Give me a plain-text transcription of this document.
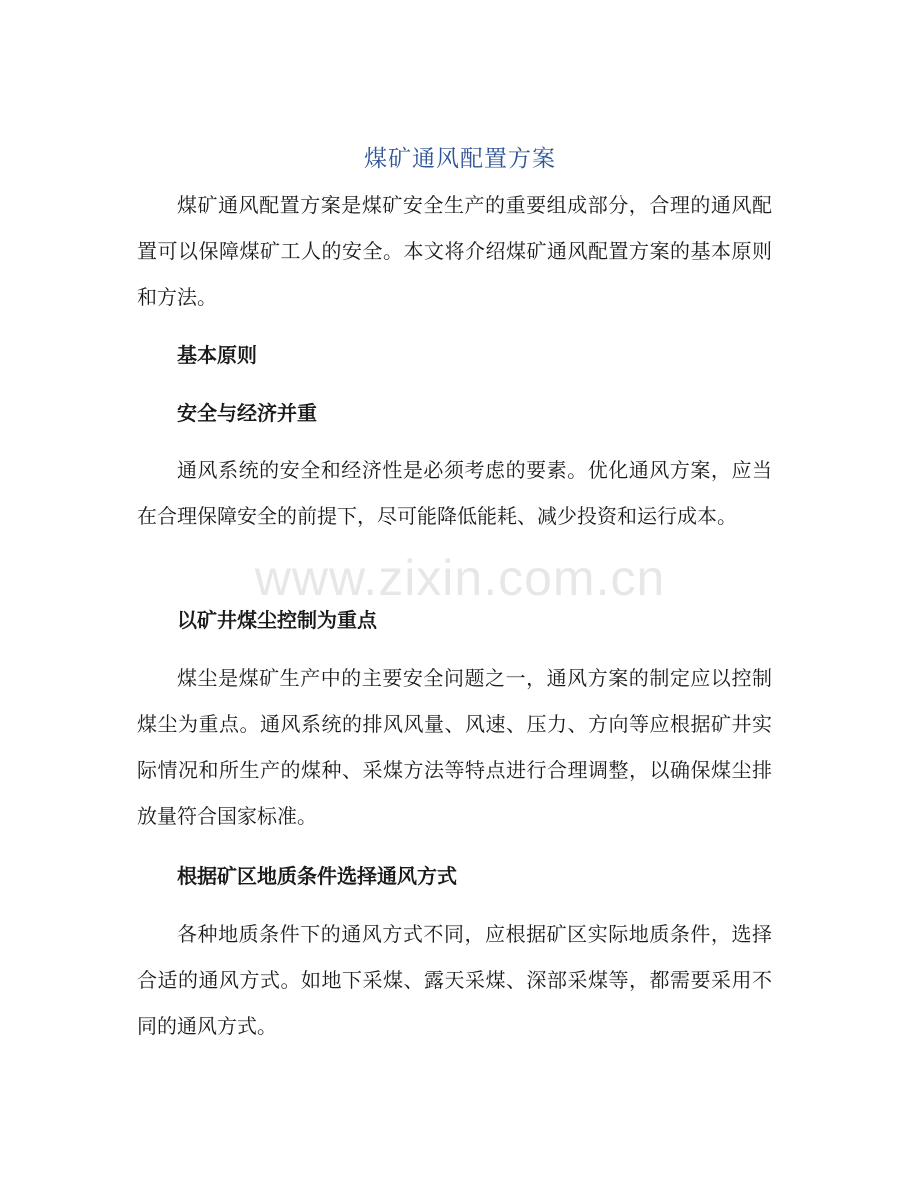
煤矿通风配置方案

煤矿通风配置方案是煤矿安全生产的重要组成部分，合理的通风配置可以保障煤矿工人的安全。本文将介绍煤矿通风配置方案的基本原则和方法。

基本原则

安全与经济并重

通风系统的安全和经济性是必须考虑的要素。优化通风方案，应当在合理保障安全的前提下，尽可能降低能耗、减少投资和运行成本。

以矿井煤尘控制为重点

煤尘是煤矿生产中的主要安全问题之一，通风方案的制定应以控制煤尘为重点。通风系统的排风风量、风速、压力、方向等应根据矿井实际情况和所生产的煤种、采煤方法等特点进行合理调整，以确保煤尘排放量符合国家标准。

根据矿区地质条件选择通风方式

各种地质条件下的通风方式不同，应根据矿区实际地质条件，选择合适的通风方式。如地下采煤、露天采煤、深部采煤等，都需要采用不同的通风方式。

www.zixin.com.cn
